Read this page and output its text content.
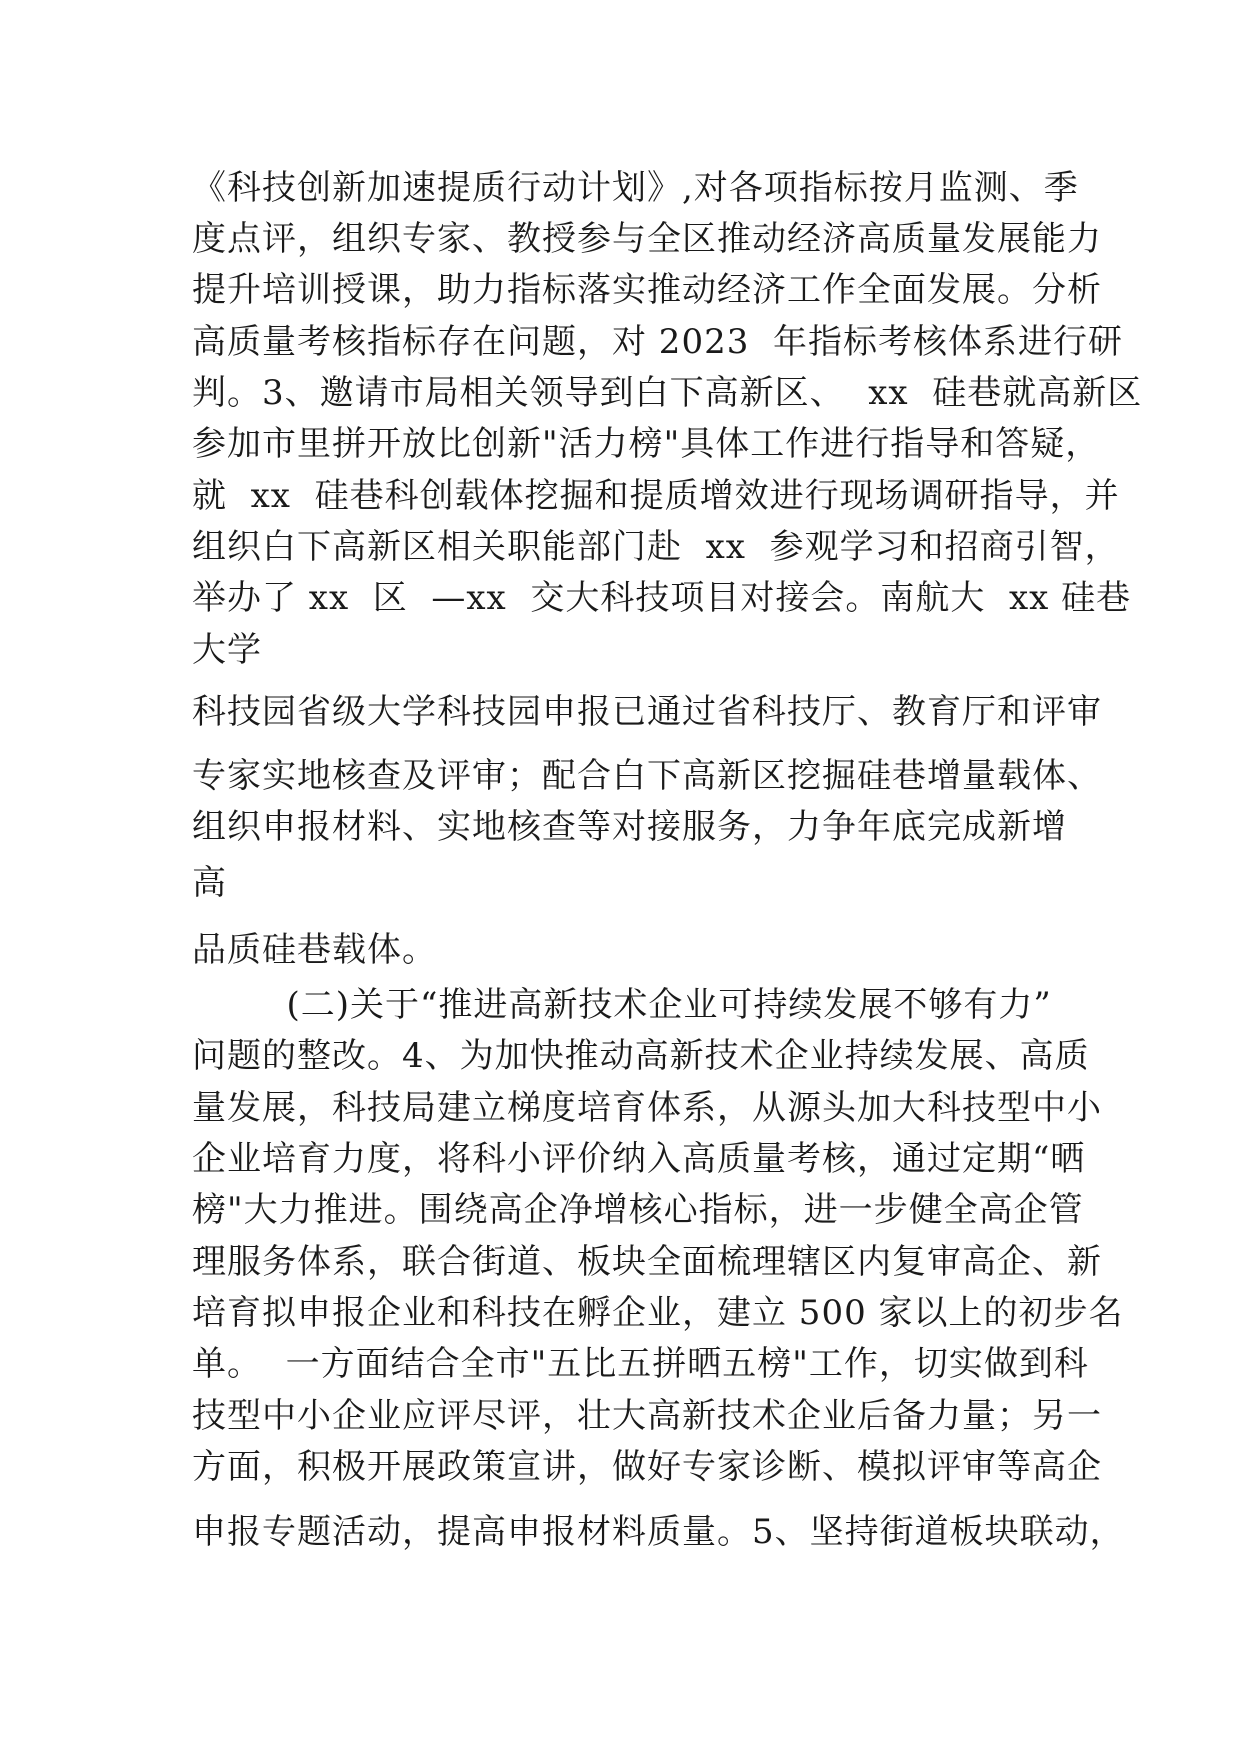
《科技创新加速提质行动计划》,对各项指标按月监测、季
度点评，组织专家、教授参与全区推动经济高质量发展能力
提升培训授课，助力指标落实推动经济工作全面发展。分析
高质量考核指标存在问题，对 2023  年指标考核体系进行研
判。3、邀请市局相关领导到白下高新区、  xx  硅巷就高新区
参加市里拼开放比创新"活力榜"具体工作进行指导和答疑，
就  xx  硅巷科创载体挖掘和提质增效进行现场调研指导，并
组织白下高新区相关职能部门赴  xx  参观学习和招商引智，
举办了 xx  区  —xx  交大科技项目对接会。南航大  xx 硅巷
大学
科技园省级大学科技园申报已通过省科技厅、教育厅和评审
专家实地核查及评审；配合白下高新区挖掘硅巷增量载体、
组织申报材料、实地核查等对接服务，力争年底完成新增
高
品质硅巷载体。
(二)关于“推进高新技术企业可持续发展不够有力”
问题的整改。4、为加快推动高新技术企业持续发展、高质
量发展，科技局建立梯度培育体系，从源头加大科技型中小
企业培育力度，将科小评价纳入高质量考核，通过定期“晒
榜"大力推进。围绕高企净增核心指标，进一步健全高企管
理服务体系，联合街道、板块全面梳理辖区内复审高企、新
培育拟申报企业和科技在孵企业，建立 500 家以上的初步名
单。  一方面结合全市"五比五拼晒五榜"工作，切实做到科
技型中小企业应评尽评，壮大高新技术企业后备力量；另一
方面，积极开展政策宣讲，做好专家诊断、模拟评审等高企
申报专题活动，提高申报材料质量。5、坚持街道板块联动，
